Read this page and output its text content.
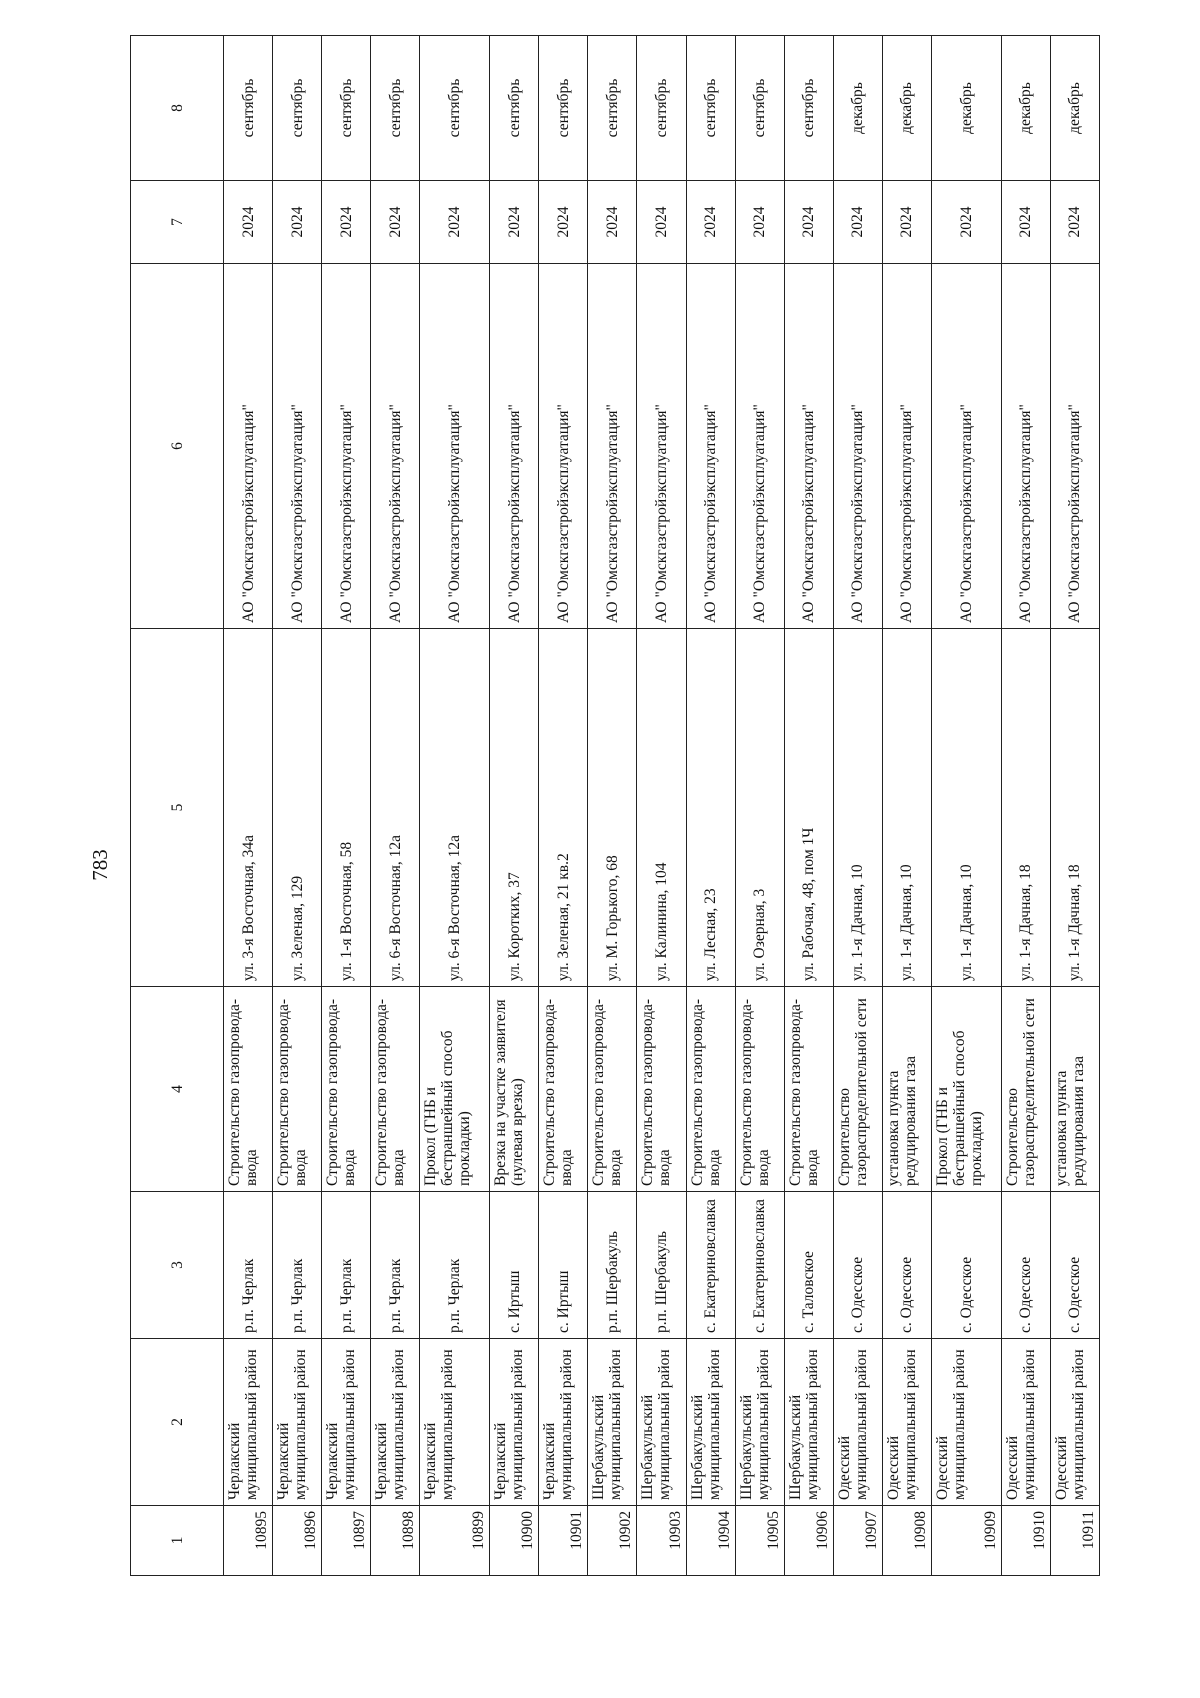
783
1	2	3	4	5	6	7	8
10895	Черлакский муниципальный район	р.п. Черлак	Строительство газопровода-ввода	ул. 3-я Восточная, 34а	АО "Омскгазстройэксплуатация"	2024	сентябрь
10896	Черлакский муниципальный район	р.п. Черлак	Строительство газопровода-ввода	ул. Зеленая, 129	АО "Омскгазстройэксплуатация"	2024	сентябрь
10897	Черлакский муниципальный район	р.п. Черлак	Строительство газопровода-ввода	ул. 1-я Восточная, 58	АО "Омскгазстройэксплуатация"	2024	сентябрь
10898	Черлакский муниципальный район	р.п. Черлак	Строительство газопровода-ввода	ул. 6-я Восточная, 12а	АО "Омскгазстройэксплуатация"	2024	сентябрь
10899	Черлакский муниципальный район	р.п. Черлак	Прокол (ГНБ и бестраншейный способ прокладки)	ул. 6-я Восточная, 12а	АО "Омскгазстройэксплуатация"	2024	сентябрь
10900	Черлакский муниципальный район	с. Иртыш	Врезка на участке заявителя (нулевая врезка)	ул. Коротких, 37	АО "Омскгазстройэксплуатация"	2024	сентябрь
10901	Черлакский муниципальный район	с. Иртыш	Строительство газопровода-ввода	ул. Зеленая, 21 кв.2	АО "Омскгазстройэксплуатация"	2024	сентябрь
10902	Шербакульский муниципальный район	р.п. Шербакуль	Строительство газопровода-ввода	ул. М. Горького, 68	АО "Омскгазстройэксплуатация"	2024	сентябрь
10903	Шербакульский муниципальный район	р.п. Шербакуль	Строительство газопровода-ввода	ул. Калинина, 104	АО "Омскгазстройэксплуатация"	2024	сентябрь
10904	Шербакульский муниципальный район	с. Екатериновславка	Строительство газопровода-ввода	ул. Лесная, 23	АО "Омскгазстройэксплуатация"	2024	сентябрь
10905	Шербакульский муниципальный район	с. Екатериновславка	Строительство газопровода-ввода	ул. Озерная, 3	АО "Омскгазстройэксплуатация"	2024	сентябрь
10906	Шербакульский муниципальный район	с. Таловское	Строительство газопровода-ввода	ул. Рабочая, 48, пом 1Ч	АО "Омскгазстройэксплуатация"	2024	сентябрь
10907	Одесский муниципальный район	с. Одесское	Строительство газораспределительной сети	ул. 1-я Дачная, 10	АО "Омскгазстройэксплуатация"	2024	декабрь
10908	Одесский муниципальный район	с. Одесское	установка пункта редуцирования газа	ул. 1-я Дачная, 10	АО "Омскгазстройэксплуатация"	2024	декабрь
10909	Одесский муниципальный район	с. Одесское	Прокол (ГНБ и бестраншейный способ прокладки)	ул. 1-я Дачная, 10	АО "Омскгазстройэксплуатация"	2024	декабрь
10910	Одесский муниципальный район	с. Одесское	Строительство газораспределительной сети	ул. 1-я Дачная, 18	АО "Омскгазстройэксплуатация"	2024	декабрь
10911	Одесский муниципальный район	с. Одесское	установка пункта редуцирования газа	ул. 1-я Дачная, 18	АО "Омскгазстройэксплуатация"	2024	декабрь
